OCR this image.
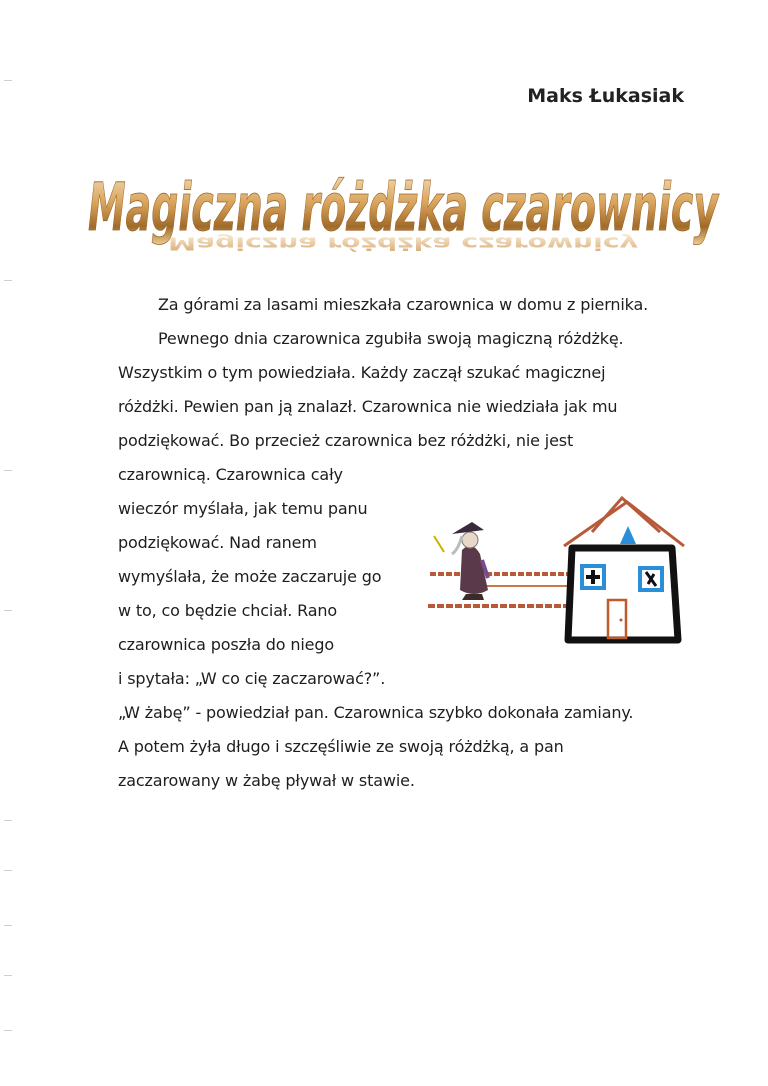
Maks Łukasiak
Magiczna różdżka czarownicy
Magiczna różdżka czarownicy

Za górami za lasami mieszkała czarownica w domu z piernika.

Pewnego dnia czarownica zgubiła swoją magiczną różdżkę.

Wszystkim o tym powiedziała. Każdy zaczął szukać magicznej

różdżki. Pewien pan ją znalazł. Czarownica nie wiedziała jak mu

podziękować. Bo przecież czarownica bez różdżki, nie jest

czarownicą. Czarownica cały

wieczór myślała, jak temu panu

podziękować. Nad ranem

wymyślała, że może zaczaruje go

w to, co będzie chciał. Rano

czarownica poszła do niego

i spytała: „W co cię zaczarować?”.

„W żabę” - powiedział pan. Czarownica szybko dokonała zamiany.

A potem żyła długo i szczęśliwie ze swoją różdżką, a pan

zaczarowany w żabę pływał w stawie.
